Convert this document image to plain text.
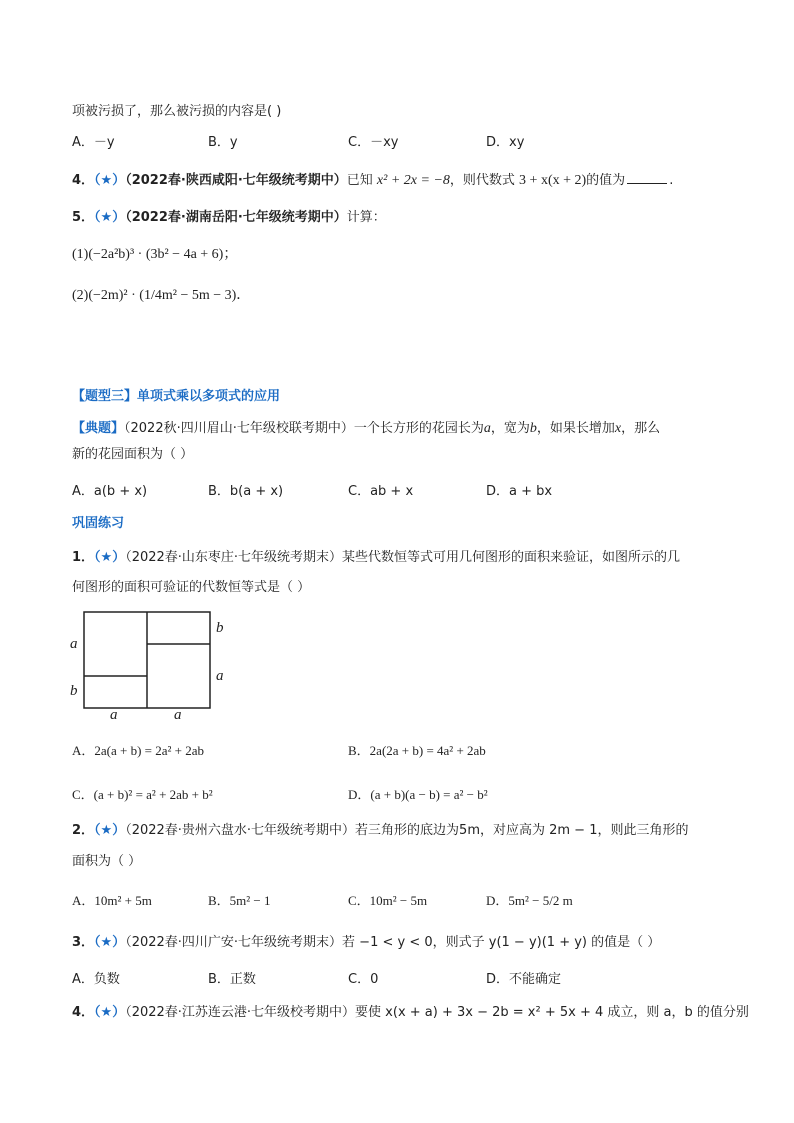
项被污损了，那么被污损的内容是( )
A．－y	B．y	C．－xy	D．xy
4．（★）（2022春·陕西咸阳·七年级统考期中）已知 x² + 2x = −8，则代数式 3 + x(x + 2)的值为	.
5．（★）（2022春·湖南岳阳·七年级统考期中）计算：
(1)(−2a²b)³ · (3b² − 4a + 6)；
(2)(−2m)² · (1/4m² − 5m − 3)．
【题型三】单项式乘以多项式的应用
【典题】（2022秋·四川眉山·七年级校联考期中）一个长方形的花园长为a，宽为b，如果长增加x，那么
新的花园面积为（ ）
A．a(b + x)	B．b(a + x)	C．ab + x	D．a + bx
巩固练习
1．（★）（2022春·山东枣庄·七年级统考期末）某些代数恒等式可用几何图形的面积来验证，如图所示的几
何图形的面积可验证的代数恒等式是（ ）
a
b
b
a
a	a
A．2a(a + b) = 2a² + 2ab	B．2a(2a + b) = 4a² + 2ab
C．(a + b)² = a² + 2ab + b²	D．(a + b)(a − b) = a² − b²
2．（★）（2022春·贵州六盘水·七年级统考期中）若三角形的底边为5m，对应高为 2m − 1，则此三角形的
面积为（ ）
A．10m² + 5m	B．5m² − 1	C．10m² − 5m	D．5m² − 5/2 m
3．（★）（2022春·四川广安·七年级统考期末）若 −1 < y < 0，则式子 y(1 − y)(1 + y) 的值是（ ）
A．负数	B．正数	C．0	D．不能确定
4．（★）（2022春·江苏连云港·七年级校考期中）要使 x(x + a) + 3x − 2b = x² + 5x + 4 成立，则 a，b 的值分别
